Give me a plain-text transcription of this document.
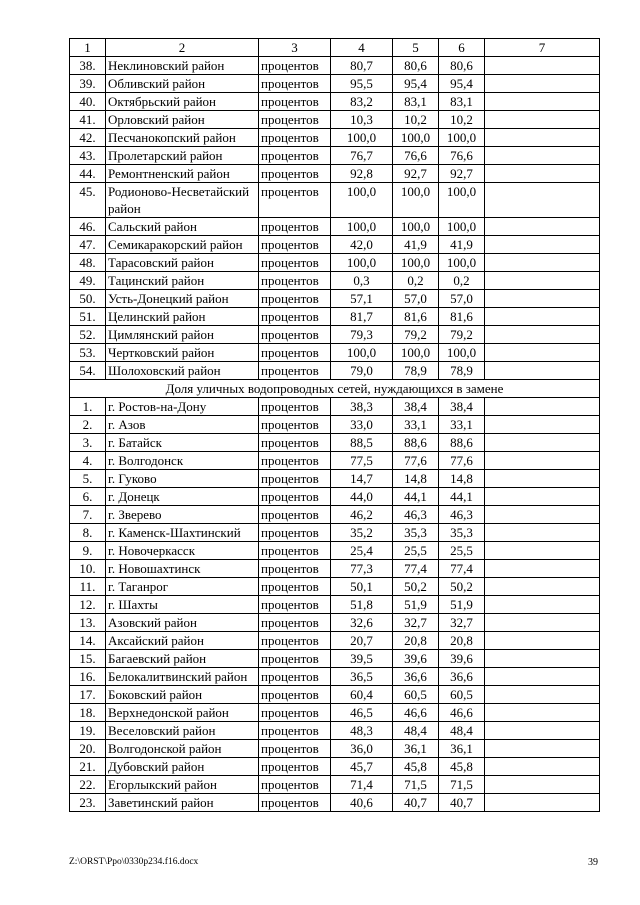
1	2	3	4	5	6	7
38.	Неклиновский район	процентов	80,7	80,6	80,6	
39.	Обливский район	процентов	95,5	95,4	95,4	
40.	Октябрьский район	процентов	83,2	83,1	83,1	
41.	Орловский район	процентов	10,3	10,2	10,2	
42.	Песчанокопский район	процентов	100,0	100,0	100,0	
43.	Пролетарский район	процентов	76,7	76,6	76,6	
44.	Ремонтненский район	процентов	92,8	92,7	92,7	
45.	Родионово-Несветайский район	процентов	100,0	100,0	100,0	
46.	Сальский район	процентов	100,0	100,0	100,0	
47.	Семикаракорский район	процентов	42,0	41,9	41,9	
48.	Тарасовский район	процентов	100,0	100,0	100,0	
49.	Тацинский район	процентов	0,3	0,2	0,2	
50.	Усть-Донецкий район	процентов	57,1	57,0	57,0	
51.	Целинский район	процентов	81,7	81,6	81,6	
52.	Цимлянский район	процентов	79,3	79,2	79,2	
53.	Чертковский район	процентов	100,0	100,0	100,0	
54.	Шолоховский район	процентов	79,0	78,9	78,9	
Доля уличных водопроводных сетей, нуждающихся в замене						
1.	г. Ростов-на-Дону	процентов	38,3	38,4	38,4	
2.	г. Азов	процентов	33,0	33,1	33,1	
3.	г. Батайск	процентов	88,5	88,6	88,6	
4.	г. Волгодонск	процентов	77,5	77,6	77,6	
5.	г. Гуково	процентов	14,7	14,8	14,8	
6.	г. Донецк	процентов	44,0	44,1	44,1	
7.	г. Зверево	процентов	46,2	46,3	46,3	
8.	г. Каменск-Шахтинский	процентов	35,2	35,3	35,3	
9.	г. Новочеркасск	процентов	25,4	25,5	25,5	
10.	г. Новошахтинск	процентов	77,3	77,4	77,4	
11.	г. Таганрог	процентов	50,1	50,2	50,2	
12.	г. Шахты	процентов	51,8	51,9	51,9	
13.	Азовский район	процентов	32,6	32,7	32,7	
14.	Аксайский район	процентов	20,7	20,8	20,8	
15.	Багаевский район	процентов	39,5	39,6	39,6	
16.	Белокалитвинский район	процентов	36,5	36,6	36,6	
17.	Боковский район	процентов	60,4	60,5	60,5	
18.	Верхнедонской район	процентов	46,5	46,6	46,6	
19.	Веселовский район	процентов	48,3	48,4	48,4	
20.	Волгодонской район	процентов	36,0	36,1	36,1	
21.	Дубовский район	процентов	45,7	45,8	45,8	
22.	Егорлыкский район	процентов	71,4	71,5	71,5	
23.	Заветинский район	процентов	40,6	40,7	40,7	
Z:\ORST\Ppo\0330p234.f16.docx	39
